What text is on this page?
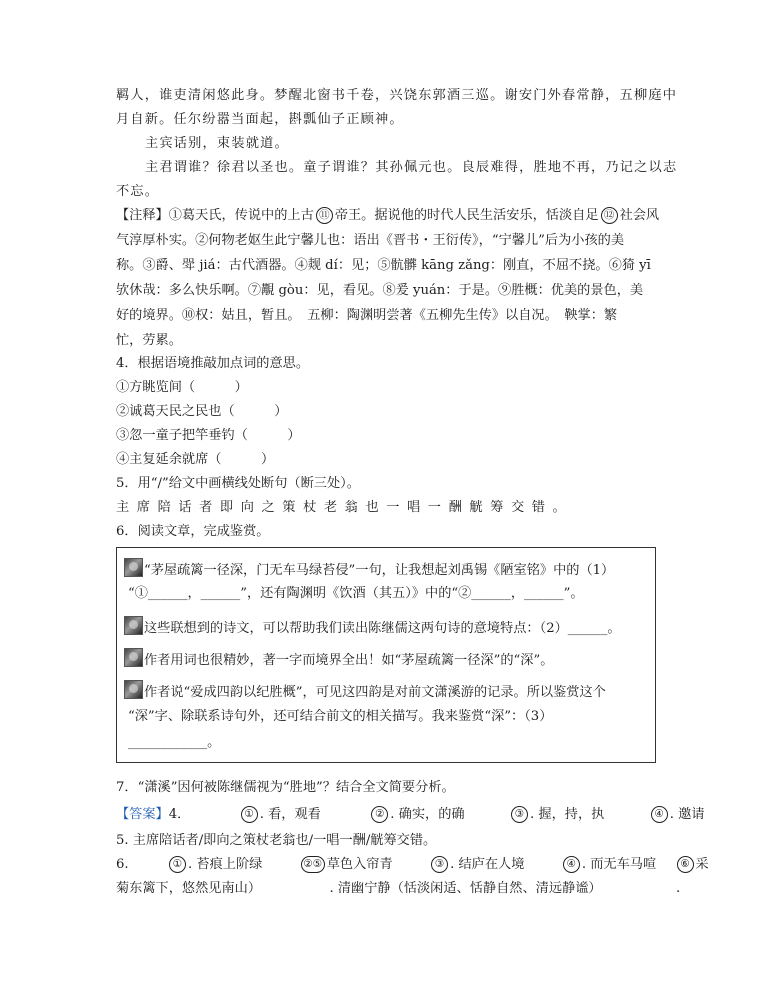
羁人，谁吏清闲悠此身。梦醒北窗书千卷，兴饶东郭酒三巡。谢安门外春常静，五柳庭中
月自新。任尔纷嚣当面起，斟瓢仙子正顾神。
主宾话别，束装就道。
主君谓谁？徐君以圣也。童子谓谁？其孙佩元也。良辰难得，胜地不再，乃记之以志
不忘。
【注释】①葛天氏，传说中的上古 ⑪ 帝王。据说他的时代人民生活安乐，恬淡自足 ⑫ 社会风
气淳厚朴实。②何物老妪生此宁馨儿也：语出《晋书・王衍传》，“宁馨儿”后为小孩的美
称。③爵、斝 jiá：古代酒器。④觌 dí：见；⑤骯髒 kāng zǎng：刚直，不屈不挠。⑥猗 yī
欤休哉：多么快乐啊。⑦覯 gòu：见，看见。⑧爰 yuán：于是。⑨胜概：优美的景色，美
好的境界。⑩权：姑且，暂且。　五柳：陶渊明尝著《五柳先生传》以自况。　鞅掌：繁
忙，劳累。
4．根据语境推敲加点词的意思。
①方眺览间（　　　）
②诚葛天民之民也（　　　）
③忽一童子把竿垂钓（　　　）
④主复延余就席（　　　）
5．用“/”给文中画横线处断句（断三处）。
主席陪话者即向之策杖老翁也一唱一酬觥筹交错。
6．阅读文章，完成鉴赏。
“茅屋疏篱一径深，门无车马绿苔侵”一句，让我想起刘禹锡《陋室铭》中的（1）
“①______，______”，还有陶渊明《饮酒（其五）》中的“②______，______”。
这些联想到的诗文，可以帮助我们读出陈继儒这两句诗的意境特点：（2）______。
作者用词也很精妙，著一字而境界全出！如“茅屋疏篱一径深”的“深”。
作者说“爱成四韵以纪胜概”，可见这四韵是对前文潇溪游的记录。所以鉴赏这个
“深”字、除联系诗句外，还可结合前文的相关描写。我来鉴赏“深”：（3）
____________。
7．“潇溪”因何被陈继儒视为“胜地”？结合全文简要分析。
【答案】4．	① . 看，观看	② . 确实，的确	③ . 握，持，执	④ . 邀请
5. 主席陪话者/即向之策杖老翁也/一唱一酬/觥筹交错。
6.	① . 苔痕上阶绿	②⑤ 草色入帘青	③ . 结庐在人境	④ . 而无车马喧 ⑥ 采
菊东篱下，悠然见南山）	. 清幽宁静（恬淡闲适、恬静自然、清远静谧）	.
